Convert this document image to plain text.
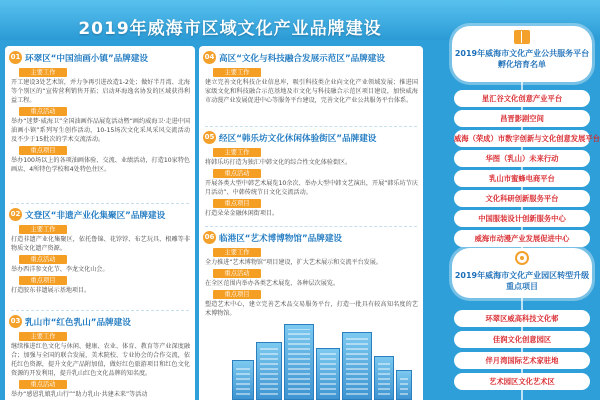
2019年威海市区域文化产业品牌建设
01 环翠区“中国油画小镇”品牌建设
主要工作

开工建设3处艺术馆，并力争再引进改造1-2处；做好半月湾、北海等个别区的“宣传营利销售开拓；启动环海逸名协发的区域获得利益工程。

重点活动

举办“迷梦·威海卫”全国油画作品展览活动暨“画约威海卫·走进中国油画小镇”系列写生创作活动，10-15场次文化采风采风交流活动及不少于15批次的学术交流活动。

重点项目

举办100场以上的各项油画体验、交流、业绩活动，打造10家特色画店、4所特色学校和4处特色住区。

02 文登区“非遗产业化集聚区”品牌建设
主要工作

打造非遗产业化集聚区，依托鲁锦、花饽饽、布艺玩具、根雕等非物质文化遗产资源。

重点活动

举办西洋参文化节、李龙文化山会。

重点项目

打造胶东非遗展示基地项目。

03 乳山市“红色乳山”品牌建设
主要工作

继续推进红色文化与休闲、健康、农业、体育、教育等产业深度融合；加强与全国的联合发展，美术院校、专业协会的合作交流，依托红色资源，提升文化产品附加值，做好红色旅游项目和红色文化资源的开发利用，提升乳山红色文化品牌的知名度。

重点活动

举办“感恩乳娘乳山行”“助力乳山·共建未来”等活动

04 高区“文化与科技融合发展示范区”品牌建设
主要工作

建立完善文化科技企业信息库，吸引科技类企业向文化产业领域发展；推进国家级文化和科技融合示范基地及市文化与科技融合示范区项目建设，加快威海市动漫产业发展促进中心等服务平台建设，完善文化产业公共服务平台体系。

05 经区“韩乐坊文化休闲体验街区”品牌建设
主要工作

将韩乐坊打造为独汇中韩文化的综合性文化体验街区。

重点活动

开展各类大型中韩艺术展览10余次、举办大型中韩文艺演出，开展“韩乐坊节庆月活动”、中韩传统节日文化交流活动。

重点项目

打造朵朵金融休闲街项目。

06 临港区“艺术博博物馆”品牌建设
主要工作

全力推进“艺术博物馆”项目建设，扩大艺术展示和交流平台发展。

重点活动

在全区范围内举办各类艺术展览、各种层次展览。

重点项目

塑造艺术中心，建立完善艺术品交易服务平台，打造一批具有较高知名度的艺术博物馆。

2019年威海市文化产业公共服务平台孵化培育名单
星汇谷文化创意产业平台
昌晋影剧空间
威海（荣成）市数字创新与文化创意发展平台
华图（乳山）未来行动
乳山市蜜蜂电商平台
文化科研创新服务平台
中国服装设计创新服务中心
威海市动漫产业发展促进中心
2019年威海市文化产业园区转型升级重点项目
环翠区威高科技文化邨
佳润文化创意园区
伴月湾国际艺术家驻地
艺术园区文化艺术区
